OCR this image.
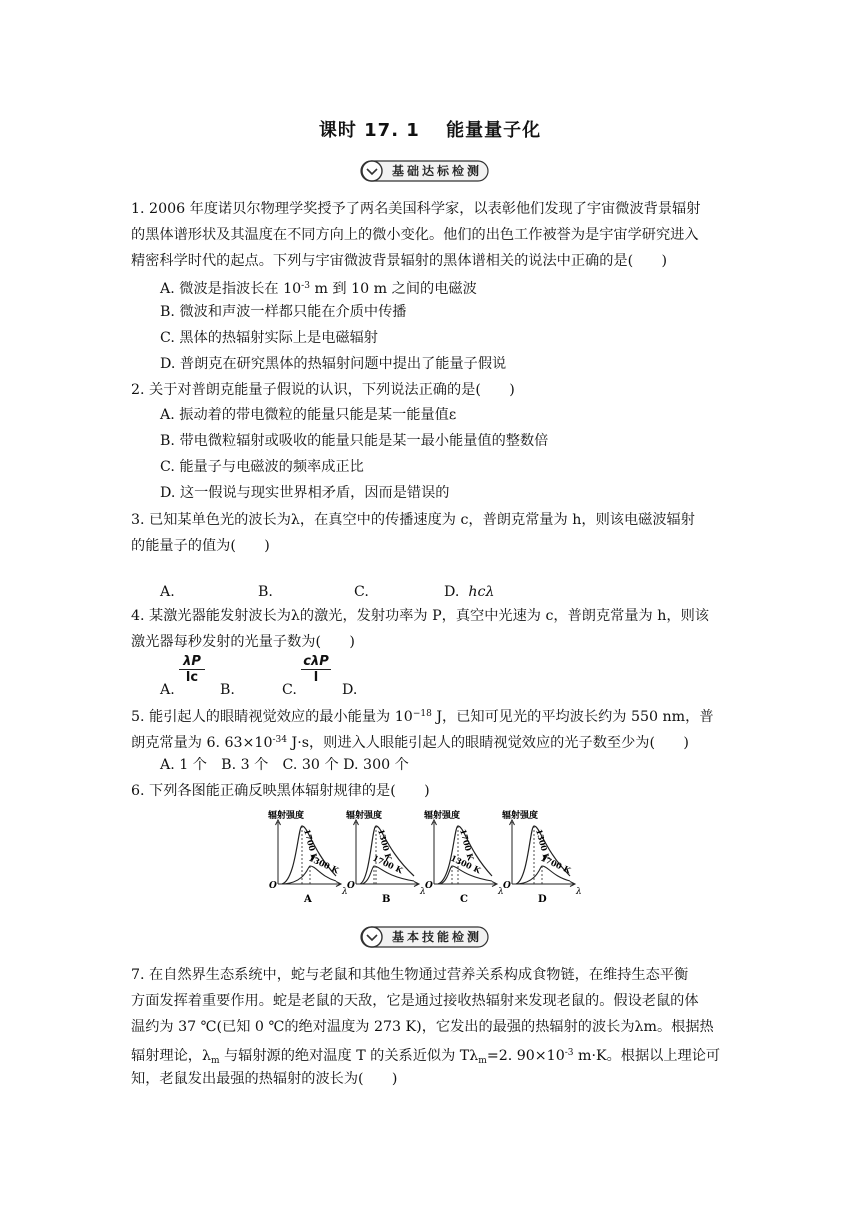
课时 17. 1　 能量量子化
基础达标检测
1. 2006 年度诺贝尔物理学奖授予了两名美国科学家，以表彰他们发现了宇宙微波背景辐射
的黑体谱形状及其温度在不同方向上的微小变化。他们的出色工作被誉为是宇宙学研究进入
精密科学时代的起点。下列与宇宙微波背景辐射的黑体谱相关的说法中正确的是(　　)
A. 微波是指波长在 $10^{-3}$ m 到 10 m 之间的电磁波
B. 微波和声波一样都只能在介质中传播
C. 黑体的热辐射实际上是电磁辐射
D. 普朗克在研究黑体的热辐射问题中提出了能量子假说
2. 关于对普朗克能量子假说的认识，下列说法正确的是(　　)
A. 振动着的带电微粒的能量只能是某一能量值ε
B. 带电微粒辐射或吸收的能量只能是某一最小能量值的整数倍
C. 能量子与电磁波的频率成正比
D. 这一假说与现实世界相矛盾，因而是错误的
3. 已知某单色光的波长为λ，在真空中的传播速度为 c，普朗克常量为 h，则该电磁波辐射
的能量子的值为(　　)
A.	B.	C.	D.  hcλ
4. 某激光器能发射波长为λ的激光，发射功率为 P，真空中光速为 c，普朗克常量为 h，则该
激光器每秒发射的光量子数为(　　)
$\frac{\lambda P}{lc}$	cλP
l
A.	B.	C.	D.
5. 能引起人的眼睛视觉效应的最小能量为 $10^{-18}$ J，已知可见光的平均波长约为 550 nm，普
朗克常量为 6. $63\times 10^{-34}$ J·s，则进入人眼能引起人的眼睛视觉效应的光子数至少为(　　)
A. 1 个　B. 3 个　C. 30 个 D. 300 个
6. 下列各图能正确反映黑体辐射规律的是(　　)
辐射强度
O
λ
1700 K
1300 K
A
辐射强度
O
λ
1300 K
1700 K
B
辐射强度
O
λ
1700 K
1300 K
C
辐射强度
O
λ
1300 K
1700 K
D
基本技能检测
7. 在自然界生态系统中，蛇与老鼠和其他生物通过营养关系构成食物链，在维持生态平衡
方面发挥着重要作用。蛇是老鼠的天敌，它是通过接收热辐射来发现老鼠的。假设老鼠的体
温约为 37 ℃(已知 0 ℃的绝对温度为 273 K)，它发出的最强的热辐射的波长为λm。根据热
辐射理论，$\lambda_m$ 与辐射源的绝对温度 T 的关系近似为 $T\lambda_m=2$. $90\times 10^{-3}$ m·K。根据以上理论可
知，老鼠发出最强的热辐射的波长为(　　)
